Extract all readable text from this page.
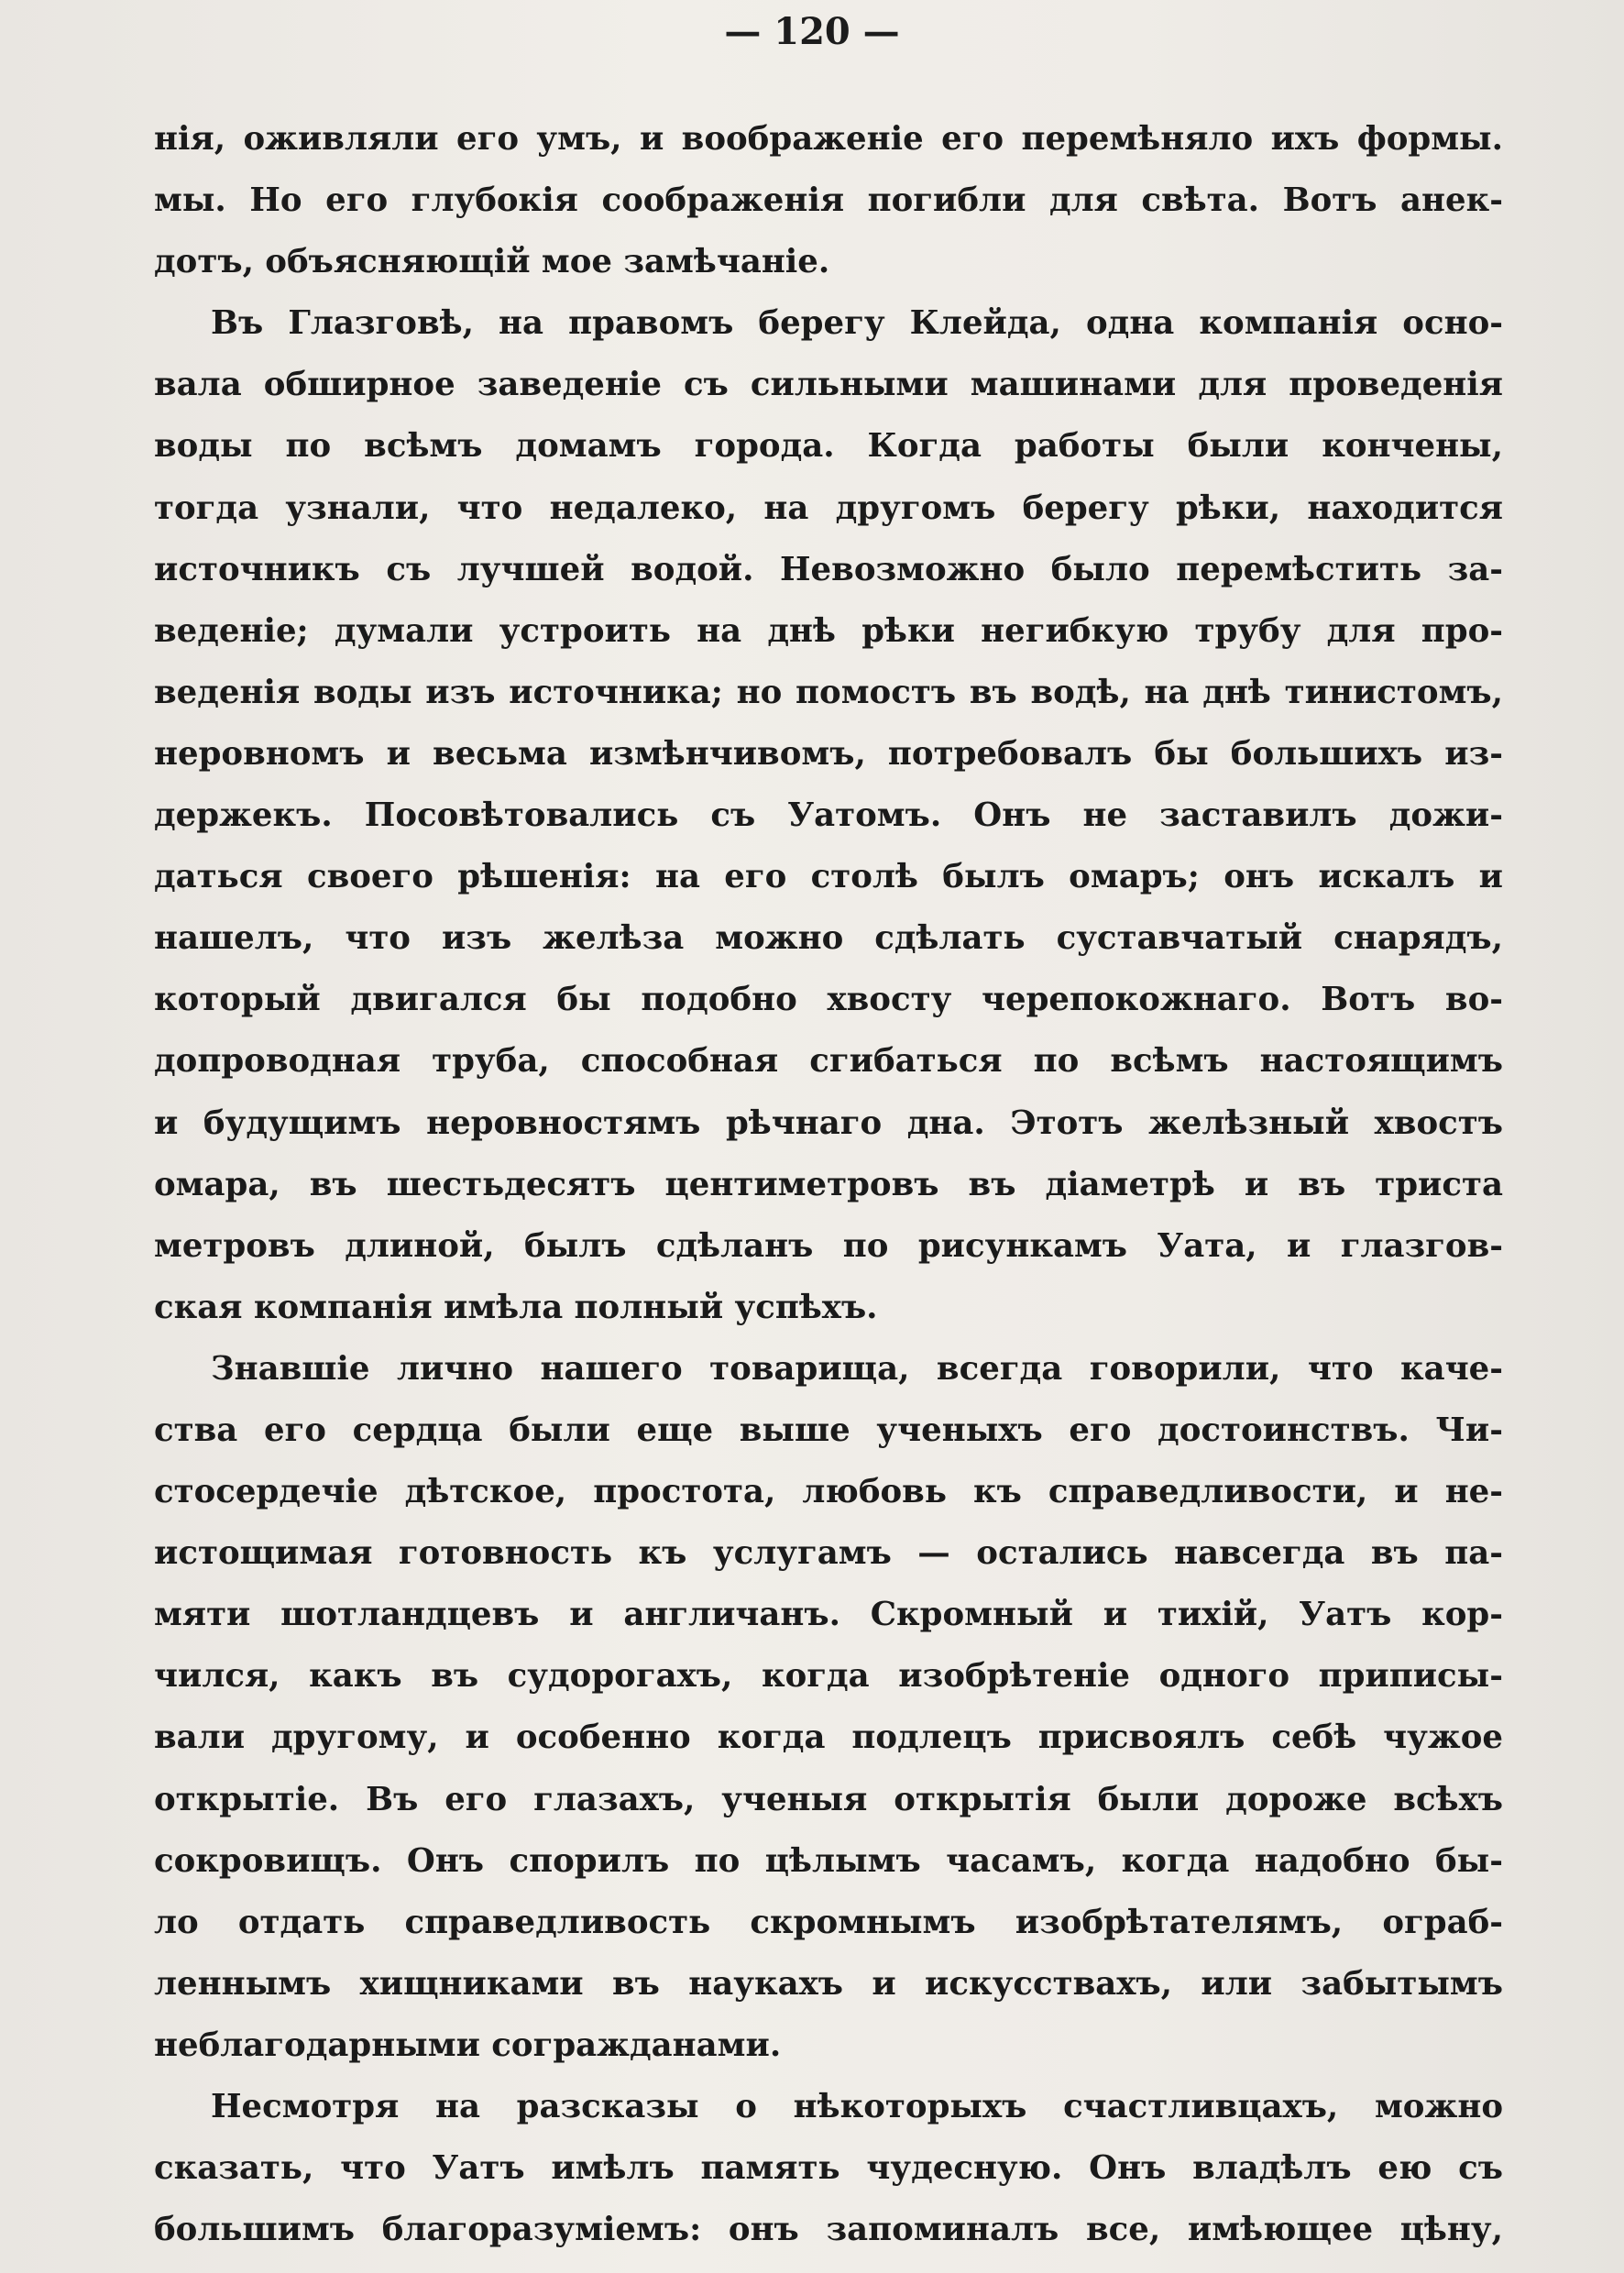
— 120 —
нія, оживляли его умъ, и воображеніе его перемѣняло ихъ формы.
мы. Но его глубокія соображенія погибли для свѣта. Вотъ анек-
дотъ, объясняющій мое замѣчаніе.
Въ Глазговѣ, на правомъ берегу Клейда, одна компанія осно-
вала обширное заведеніе съ сильными машинами для проведенія
воды по всѣмъ домамъ города. Когда работы были кончены,
тогда узнали, что недалеко, на другомъ берегу рѣки, находится
источникъ съ лучшей водой. Невозможно было перемѣстить за-
веденіе; думали устроить на днѣ рѣки негибкую трубу для про-
веденія воды изъ источника; но помостъ въ водѣ, на днѣ тинистомъ,
неровномъ и весьма измѣнчивомъ, потребовалъ бы большихъ из-
держекъ. Посовѣтовались съ Уатомъ. Онъ не заставилъ дожи-
даться своего рѣшенія: на его столѣ былъ омаръ; онъ искалъ и
нашелъ, что изъ желѣза можно сдѣлать суставчатый снарядъ,
который двигался бы подобно хвосту черепокожнаго. Вотъ во-
допроводная труба, способная сгибаться по всѣмъ настоящимъ
и будущимъ неровностямъ рѣчнаго дна. Этотъ желѣзный хвостъ
омара, въ шестьдесятъ центиметровъ въ діаметрѣ и въ триста
метровъ длиной, былъ сдѣланъ по рисункамъ Уата, и глазгов-
ская компанія имѣла полный успѣхъ.
Знавшіе лично нашего товарища, всегда говорили, что каче-
ства его сердца были еще выше ученыхъ его достоинствъ. Чи-
стосердечіе дѣтское, простота, любовь къ справедливости, и не-
истощимая готовность къ услугамъ — остались навсегда въ па-
мяти шотландцевъ и англичанъ. Скромный и тихій, Уатъ кор-
чился, какъ въ судорогахъ, когда изобрѣтеніе одного приписы-
вали другому, и особенно когда подлецъ присвоялъ себѣ чужое
открытіе. Въ его глазахъ, ученыя открытія были дороже всѣхъ
сокровищъ. Онъ спорилъ по цѣлымъ часамъ, когда надобно бы-
ло отдать справедливость скромнымъ изобрѣтателямъ, ограб-
леннымъ хищниками въ наукахъ и искусствахъ, или забытымъ
неблагодарными согражданами.
Несмотря на разсказы о нѣкоторыхъ счастливцахъ, можно
сказать, что Уатъ имѣлъ память чудесную. Онъ владѣлъ ею съ
большимъ благоразуміемъ: онъ запоминалъ все, имѣющее цѣну,
